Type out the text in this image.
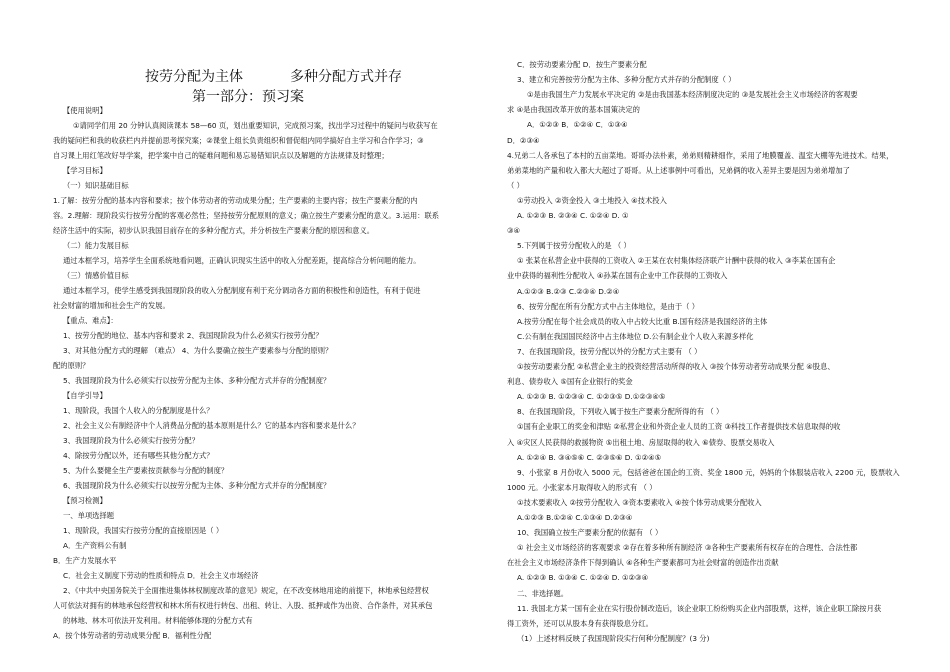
按劳分配为主体	多种分配方式并存
第一部分：预习案
【使用说明】
①请同学们用 20 分钟认真阅读课本 58—60 页，划出重要知识，完成预习案，找出学习过程中的疑问与收获写在
我的疑问栏和我的收获栏内并提前思考探究案；②课堂上组长负责组织和督促组内同学搞好自主学习和合作学习；③
自习课上用红笔改好导学案，把学案中自己的疑难问题和易忘易错知识点以及解题的方法规律及时整理；
【学习目标】
（一）知识基础目标
1.了解：按劳分配的基本内容和要求；按个体劳动者的劳动成果分配；生产要素的主要内容；按生产要素分配的内
容。2.理解：现阶段实行按劳分配的客观必然性；坚持按劳分配原则的意义；确立按生产要素分配的意义。3.运用：联系
经济生活中的实际，初步认识我国目前存在的多种分配方式，并分析按生产要素分配的原因和意义。
（二）能力发展目标
通过本框学习，培养学生全面系统地看问题，正确认识现实生活中的收入分配差距，提高综合分析问题的能力。
（三）情感价值目标
通过本框学习，使学生感受到我国现阶段的收入分配制度有利于充分调动各方面的积极性和创造性，有利于促进
社会财富的增加和社会生产的发展。
【重点、难点】：
1、按劳分配的地位、基本内容和要求 2、我国现阶段为什么必须实行按劳分配？
3、对其他分配方式的理解 （难点） 4、为什么要确立按生产要素参与分配的原则？
配的原则？
5、我国现阶段为什么必须实行以按劳分配为主体、多种分配方式并存的分配制度？
【自学引导】
1、现阶段，我国个人收入的分配制度是什么？
2、社会主义公有制经济中个人消费品分配的基本原则是什么？它的基本内容和要求是什么？
3、我国现阶段为什么必须实行按劳分配？
4、除按劳分配以外，还有哪些其他分配方式？
5、为什么要健全生产要素按贡献参与分配的制度？
6、我国现阶段为什么必须实行以按劳分配为主体、多种分配方式并存的分配制度？
【预习检测】
一、单项选择题
1、现阶段，我国实行按劳分配的直接原因是（ ）
A．生产资料公有制
B．生产力发展水平
C．社会主义制度下劳动的性质和特点 D．社会主义市场经济
2、《中共中央国务院关于全面推进集体林权制度改革的意见》规定，在不改变林地用途的前提下，林地承包经营权
人可依法对拥有的林地承包经营权和林木所有权进行转包、出租、转让、入股、抵押或作为出资、合作条件，对其承包
的林地、林木可依法开发利用。材料能够体现的分配方式有
A．按个体劳动者的劳动成果分配 B．福利性分配
C．按劳动要素分配 D．按生产要素分配
3、建立和完善按劳分配为主体、多种分配方式并存的分配制度（ ）
①是由我国生产力发展水平决定的 ②是由我国基本经济制度决定的 ③是发展社会主义市场经济的客观要
求 ④是由我国改革开放的基本国策决定的
A．①②③ B．①②④ C．①③④
D．②③④
4.兄弟二人各承包了本村的五亩菜地。哥哥办法朴素，弟弟则精耕细作，采用了地膜覆盖、温室大棚等先进技术。结果，
弟弟菜地的产量和收入都大大超过了哥哥。从上述事例中可看出，兄弟俩的收入差异主要是因为弟弟增加了
（ ）
①劳动投入 ②资金投入 ③土地投入 ④技术投入
A. ①②③ B. ②③④ C. ①②④ D. ①
③④
5.下列属于按劳分配收入的是 （ ）
① 张某在私营企业中获得的工资收入 ②王某在农村集体经济联产计酬中获得的收入 ③李某在国有企
业中获得的福利性分配收入 ④孙某在国有企业中工作获得的工资收入
A.①②③ B.②③ C.②③④ D.②④
6、按劳分配在所有分配方式中占主体地位，是由于（ ）
A.按劳分配在每个社会成员的收入中占较大比重 B.国有经济是我国经济的主体
C.公有制在我国国民经济中占主体地位 D.公有制企业个人收入来源多样化
7、在我国现阶段，按劳分配以外的分配方式主要有 （ ）
①按劳动要素分配 ②私营企业主的投资经营活动所得的收入 ③按个体劳动者劳动成果分配 ④股息、
利息、债券收入 ⑤国有企业银行的奖金
A. ①②③ B. ①②③④ C. ①②③⑤ D.①②③④⑤
8、在我国现阶段，下列收入属于按生产要素分配所得的有 （ ）
①国有企业职工的奖金和津贴 ②私营企业和外资企业人员的工资 ③科技工作者提供技术信息取得的收
入 ④灾区人民获得的救援物资 ⑤出租土地、房屋取得的收入 ⑥债券、股票交易收入
A. ①②④ B. ③④⑤⑥ C. ②③⑤⑥ D. ①②④⑤
9、小张家 8 月份收入 5000 元，包括爸爸在国企的工资、奖金 1800 元，妈妈的个体服装店收入 2200 元，股票收入
1000 元。小张家本月取得收入的形式有 （ ）
①技术要素收入 ②按劳分配收入 ③资本要素收入 ④按个体劳动成果分配收入
A.①②③ B.①②④ C.①③④ D.②③④
10、我国确立按生产要素分配的依据有 （ ）
① 社会主义市场经济的客观要求 ②存在着多种所有制经济 ③各种生产要素所有权存在的合理性、合法性都
在社会主义市场经济条件下得到确认 ④各种生产要素都可为社会财富的创造作出贡献
A. ①②③ B. ①③④ C. ①②④ D. ①②③④
二、非选择题。
11. 我国北方某一国有企业在实行股份制改造后，该企业职工纷纷购买企业内部股票，这样，该企业职工除按月获
得工资外，还可以从股本身有获得股息分红。
（1）上述材料反映了我国现阶段实行何种分配制度？(3 分)
